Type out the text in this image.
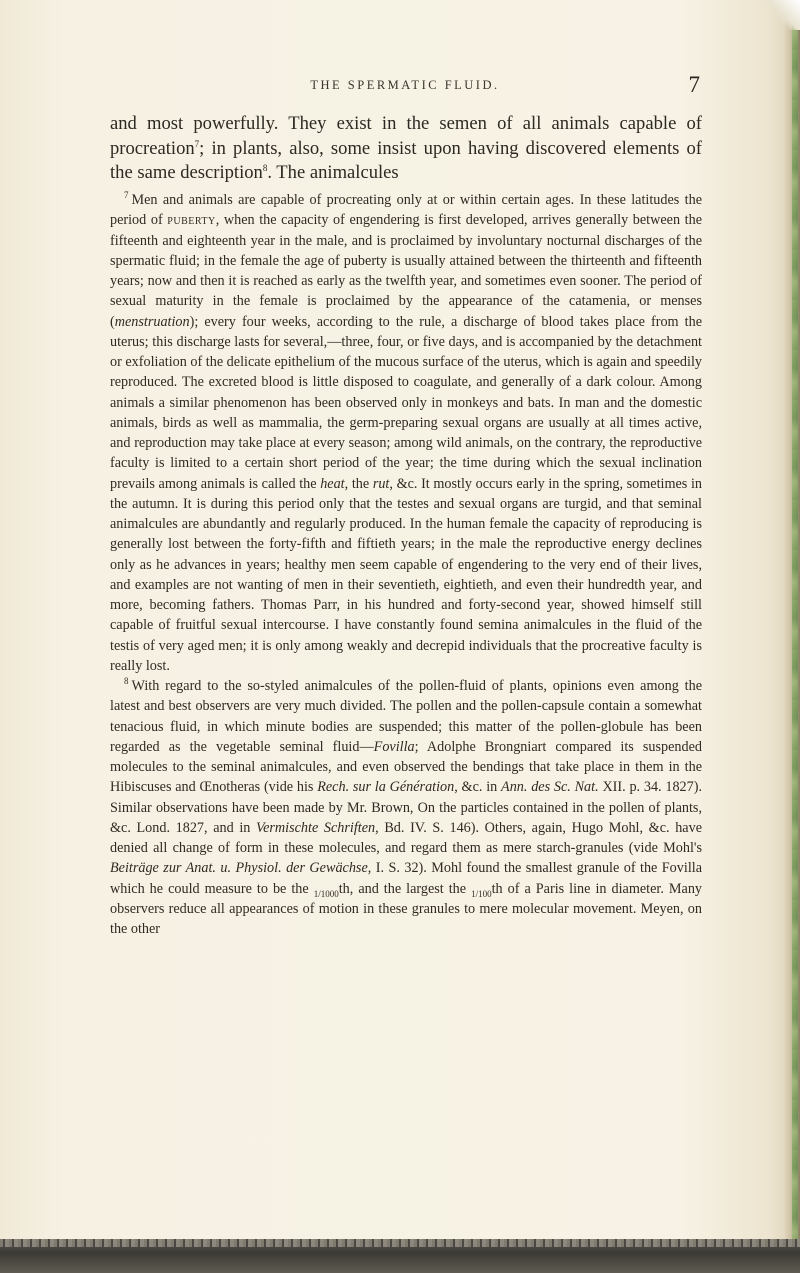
THE SPERMATIC FLUID.	7

and most powerfully. They exist in the semen of all animals capable of procreation$^7$; in plants, also, some insist upon having discovered elements of the same description$^8$. The animalcules

$^7$ Men and animals are capable of procreating only at or within certain ages. In these latitudes the period of puberty, when the capacity of engendering is first developed, arrives generally between the fifteenth and eighteenth year in the male, and is proclaimed by involuntary nocturnal discharges of the spermatic fluid; in the female the age of puberty is usually attained between the thirteenth and fifteenth years; now and then it is reached as early as the twelfth year, and sometimes even sooner. The period of sexual maturity in the female is proclaimed by the appearance of the catamenia, or menses (menstruation); every four weeks, according to the rule, a discharge of blood takes place from the uterus; this discharge lasts for several,—three, four, or five days, and is accompanied by the detachment or exfoliation of the delicate epithelium of the mucous surface of the uterus, which is again and speedily reproduced. The excreted blood is little disposed to coagulate, and generally of a dark colour. Among animals a similar phenomenon has been observed only in monkeys and bats. In man and the domestic animals, birds as well as mammalia, the germ-preparing sexual organs are usually at all times active, and reproduction may take place at every season; among wild animals, on the contrary, the reproductive faculty is limited to a certain short period of the year; the time during which the sexual inclination prevails among animals is called the heat, the rut, &c. It mostly occurs early in the spring, sometimes in the autumn. It is during this period only that the testes and sexual organs are turgid, and that seminal animalcules are abundantly and regularly produced. In the human female the capacity of reproducing is generally lost between the forty-fifth and fiftieth years; in the male the reproductive energy declines only as he advances in years; healthy men seem capable of engendering to the very end of their lives, and examples are not wanting of men in their seventieth, eightieth, and even their hundredth year, and more, becoming fathers. Thomas Parr, in his hundred and forty-second year, showed himself still capable of fruitful sexual intercourse. I have constantly found semina animalcules in the fluid of the testis of very aged men; it is only among weakly and decrepid individuals that the procreative faculty is really lost.

$^8$ With regard to the so-styled animalcules of the pollen-fluid of plants, opinions even among the latest and best observers are very much divided. The pollen and the pollen-capsule contain a somewhat tenacious fluid, in which minute bodies are suspended; this matter of the pollen-globule has been regarded as the vegetable seminal fluid—Fovilla; Adolphe Brongniart compared its suspended molecules to the seminal animalcules, and even observed the bendings that take place in them in the Hibiscuses and Œnotheras (vide his Rech. sur la Génération, &c. in Ann. des Sc. Nat. XII. p. 34. 1827). Similar observations have been made by Mr. Brown, On the particles contained in the pollen of plants, &c. Lond. 1827, and in Vermischte Schriften, Bd. IV. S. 146). Others, again, Hugo Mohl, &c. have denied all change of form in these molecules, and regard them as mere starch-granules (vide Mohl's Beiträge zur Anat. u. Physiol. der Gewächse, I. S. 32). Mohl found the smallest granule of the Fovilla which he could measure to be the $_{1/1000}$th, and the largest the $_{1/100}$th of a Paris line in diameter. Many observers reduce all appearances of motion in these granules to mere molecular movement. Meyen, on the other
